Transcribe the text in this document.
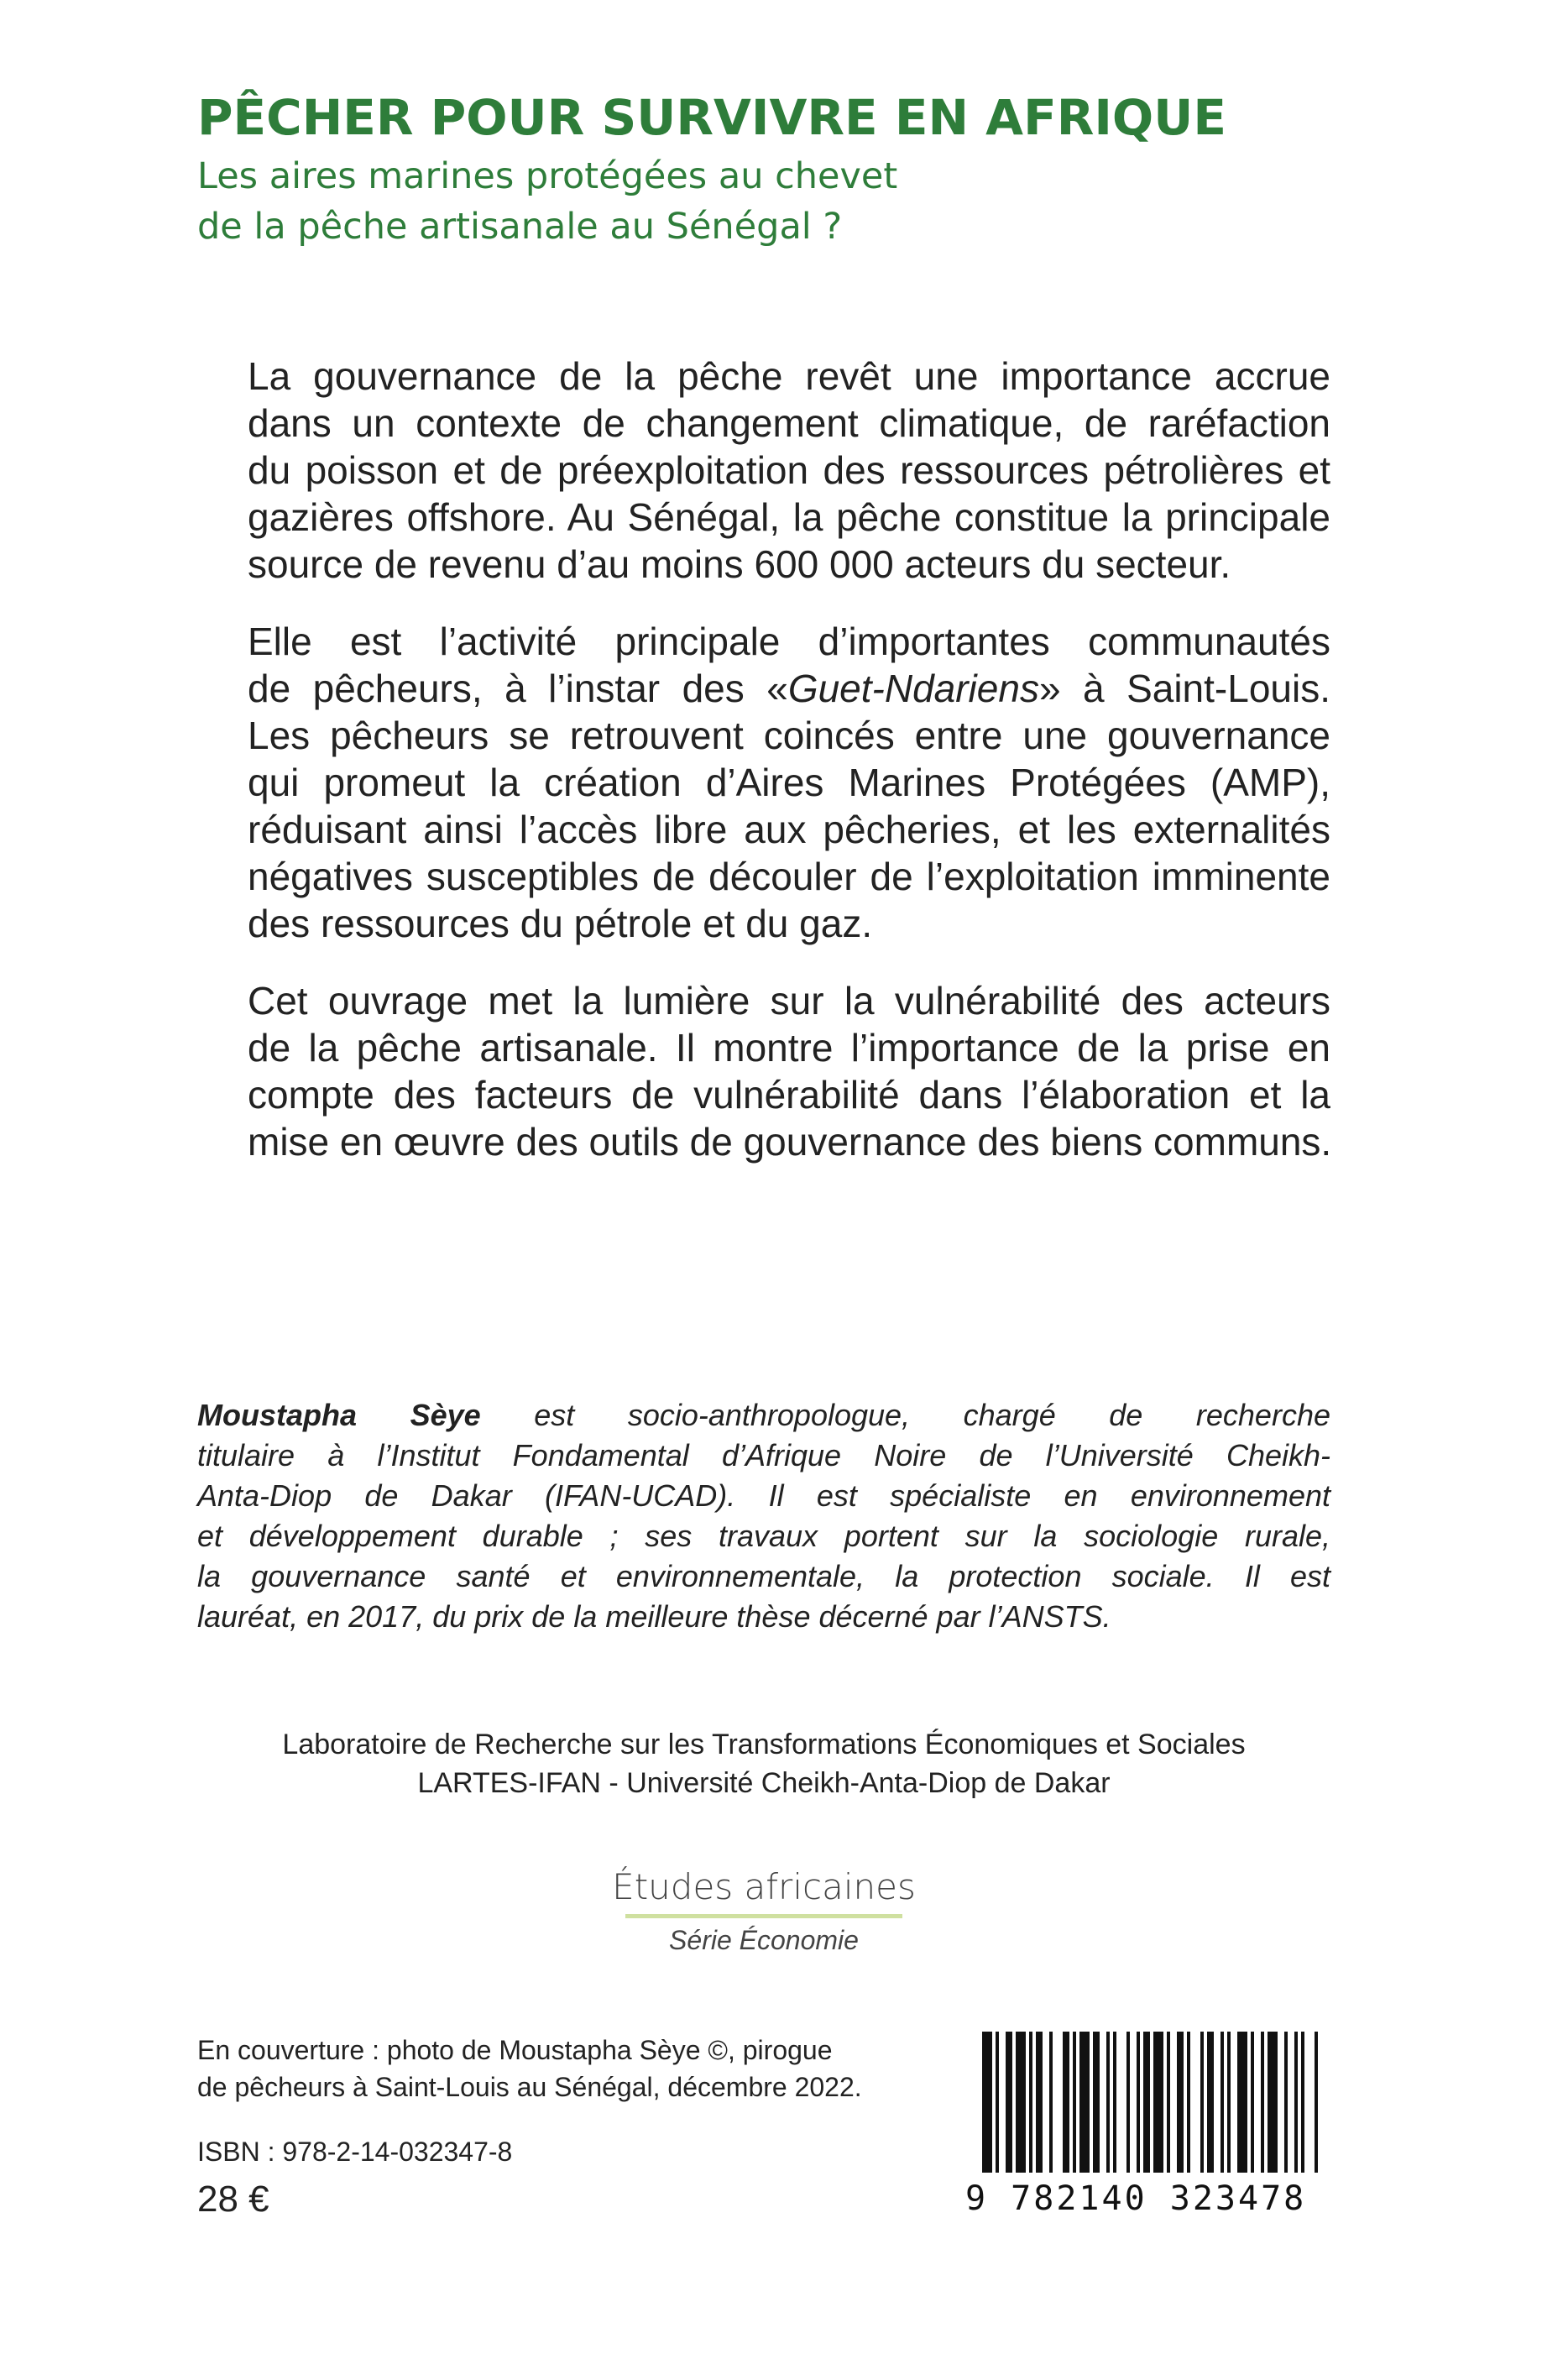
PÊCHER POUR SURVIVRE EN AFRIQUE
Les aires marines protégées au chevet
de la pêche artisanale au Sénégal ?

La gouvernance de la pêche revêt une importance accrue
dans un contexte de changement climatique, de raréfaction
du poisson et de préexploitation des ressources pétrolières et
gazières offshore. Au Sénégal, la pêche constitue la principale
source de revenu d’au moins 600 000 acteurs du secteur.

Elle est l’activité principale d’importantes communautés
de pêcheurs, à l’instar des «Guet-Ndariens» à Saint-Louis.
Les pêcheurs se retrouvent coincés entre une gouvernance
qui promeut la création d’Aires Marines Protégées (AMP),
réduisant ainsi l’accès libre aux pêcheries, et les externalités
négatives susceptibles de découler de l’exploitation imminente
des ressources du pétrole et du gaz.

Cet ouvrage met la lumière sur la vulnérabilité des acteurs
de la pêche artisanale. Il montre l’importance de la prise en
compte des facteurs de vulnérabilité dans l’élaboration et la
mise en œuvre des outils de gouvernance des biens communs.

Moustapha Sèye est socio-anthropologue, chargé de recherche
titulaire à l’Institut Fondamental d’Afrique Noire de l’Université Cheikh-
Anta-Diop de Dakar (IFAN-UCAD). Il est spécialiste en environnement
et développement durable ; ses travaux portent sur la sociologie rurale,
la gouvernance santé et environnementale, la protection sociale. Il est
lauréat, en 2017, du prix de la meilleure thèse décerné par l’ANSTS.
Laboratoire de Recherche sur les Transformations Économiques et Sociales
LARTES-IFAN - Université Cheikh-Anta-Diop de Dakar
Études africaines
Série Économie
En couverture : photo de Moustapha Sèye ©, pirogue
de pêcheurs à Saint-Louis au Sénégal, décembre 2022.
ISBN : 978-2-14-032347-8
28 €	9 782140 323478
